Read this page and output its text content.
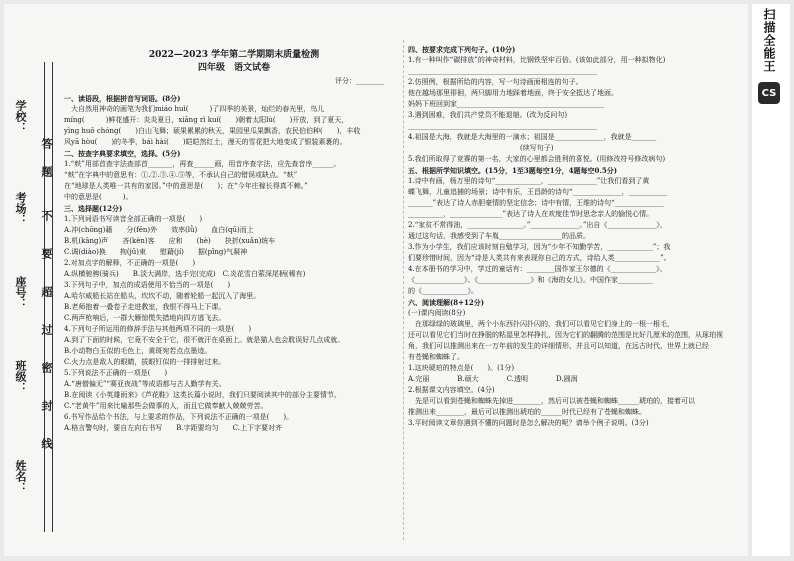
学校：
答
题
不
要
超
过
密
封
线
考场：
座号：
班级：
姓名：
2022—2023 学年第二学期期末质量检测
四年级　语文试卷
评分：________

一、读语段，根据拼音写词语。(8分)

　大自然用神奇的画笔为我们miáo huì(　　　)了四季的美景，灿烂的春光里，鸟儿

míng(　　　)鲜花盛开：炎炎夏日，xiāng rì kuí(　　)朝着太阳lù(　　)开放，到了夏天，

yìng huǒ chóng(　　)白山飞舞；硕果累累的秋天，果园里瓜果飘香，农民伯伯种(　　)，丰收

风yā hòu(　　)的冬季，bái hài(　　)皑皑然红土，漫天的雪花把大地变成了银装素裹的。

二、按查字典要求填空，选择。(5分)

1.“麸”用部首查字法查部首_______，再查______画，用音序查字法，应先查音序______。

“麸”在字典中的意思有：①.②.③.④.⑤等，不承认自己的错误或缺点。“麸”

在“地球是人类唯一共有的家园。”中的意思是(　　)；在“今年庄稼长得真不赖。”

中的意思是(　　　)。

三、选择题(12分)

1.下列词语书写读音全部正确的一项是(　　)

A.冲(chōng)藉　　分(fēn)外　　效率(lǜ)　　血白(qū)而上

B.机(kāng)声　　吝(kèn)客　　应和　　(hè)　　抉折(xuǎn)统车

C.调(diào)换　　拘(jǔ)束　　慰藉(jí)　　据(pǐng)气凝神

2.对加点字的解释，不正确的一项是(　　)

A.纵横驰骋(骑兵)　　B.淡大满岸，选手完(完成)　C.炎花雪白萦深尾柄(稀有)

3.下列句子中，加点的成语使用不恰当的一项是(　　)

A.哈尔威船长站在船头，坎坎不动，随着轮船一起沉入了海里。

B.老师抱着一叠卷子走进教室，我恨不得马上下课。

C.两声枪响后，一群大雁惊慌失措地向四方逃飞去。

4.下列句子所运用的修辞手法与其他两项不同的一项是(　　)

A.到了下面的时候，它竟不安全于它，很不就汗在桌面上。就是猫人也会耽误好几点成就。

B.小动物白玉似的毛色上，黄斑宛若点点墨迹。

C.火力点是敌人的眼睛，拔眼钉似的一排排射过来。

5.下列说法不正确的一项是(　　)

A.“唐僧偏无”“赛亚夜战”等成语都与古人勤学有关。

B.在阅读《小英雄雨来》《芦花鞋》这类长篇小说时，我们只要阅读其中的部分主要情节。

C.“老黄牛”用来比喻那些会做事的人，而且它做奉献人兢兢劳苦。

6.书写作品给个书法，与上要求的作品，下列说法不正确的一项是(　　)。

A.格言警句时，要自左向右书写　　B.字距要均匀　　C.上下字要对齐

四、按要求完成下列句子。(10分)

1.有一种叫作“碳排放”的神奇材料，比钢铁坚牢百倍。(该如此部分，用一种拟物化)

______________________________________________________

2.仿照例，根据所给的内容，写一句诗画面相连的句子。

他在越场那里徘徊，两只脚用力地踩着地面，终于安全抵达了地面。

妈妈下班回到家__________________________________________

3.遇到困难，我们共产党员不能退缩。(改为反问句)

______________________________________________________

4.祖国是大海，我就是大海里的一滴水；祖国是______________，我就是_______

　　　　　　　　　　　　　　　　(续写句子)

5.我们所取得了竞赛的第一名，大家的心里都会胜利的喜悦。(用修改符号修改病句)

五、根据所学知识填空。(15分，1至3题每空1分，4题每空0.5分)

1.诗中有画，杨万里的诗句“_____________，______________”让我们看到了黄

蝶飞舞，儿童追捕的场景；诗中有乐，王昌龄的诗句“______________，___________

_______”表达了诗人赤胆豪情的坚定信念；诗中有情，王维的诗句“______________

__________，_______________”表达了诗人在欢度佳节时思念亲人的愉悦心情。

2.“家贫不常得油，________________。”______________。”出自《______________》，

通过这句话，我感受到了车胤__________________的品质。

3.作为小学生，我们应该时刻自勉学习，因为“少年不知勤学苦，_____________”；我

们要珍惜时间，因为“诗是人类共有来表现你自己的方式，诗给人类_____________”。

4.在本册书的学习中，学过的童话有：________国作家王尔德的《_____________》、

《______________》、《_______________》和《海的女儿》。中国作家__________

的《_____________》。

六、阅读理解(8+12分)

(一)课内阅读(8分)

　在那绿绿的玻璃里，两个小东西扑闪扑闪的，我们可以看见它们身上的一根一根毛，

还可以看见它们当时在挣脱的粘湿里怎样挣扎，因为它们的翻腾的范围是比好几厘米的范围，从琢珀视

角，我们可以推测出来在一万年前的发生的详细情形，并且可以知道，在远古时代，世界上就已经

有苍蝇和蜘蛛了。

1.这块琥珀的特点是(　　)。(1分)

A.完丽　　　　B.硕大　　　　C.透明　　　　D.圆润

2.根据课文内容填空。(4分)

　先是可以看到苍蝇和蜘蛛先掉进________，然后可以被苍蝇和蜘蛛______琥珀的，接着可以

推测出来________，最后可以推测出琥珀的______时代已经有了苍蝇和蜘蛛。

3.平时阅读文章你遇到不懂的问题时是怎么解决的呢？请举个例子说明。(3分)

扫描全能王
CS
